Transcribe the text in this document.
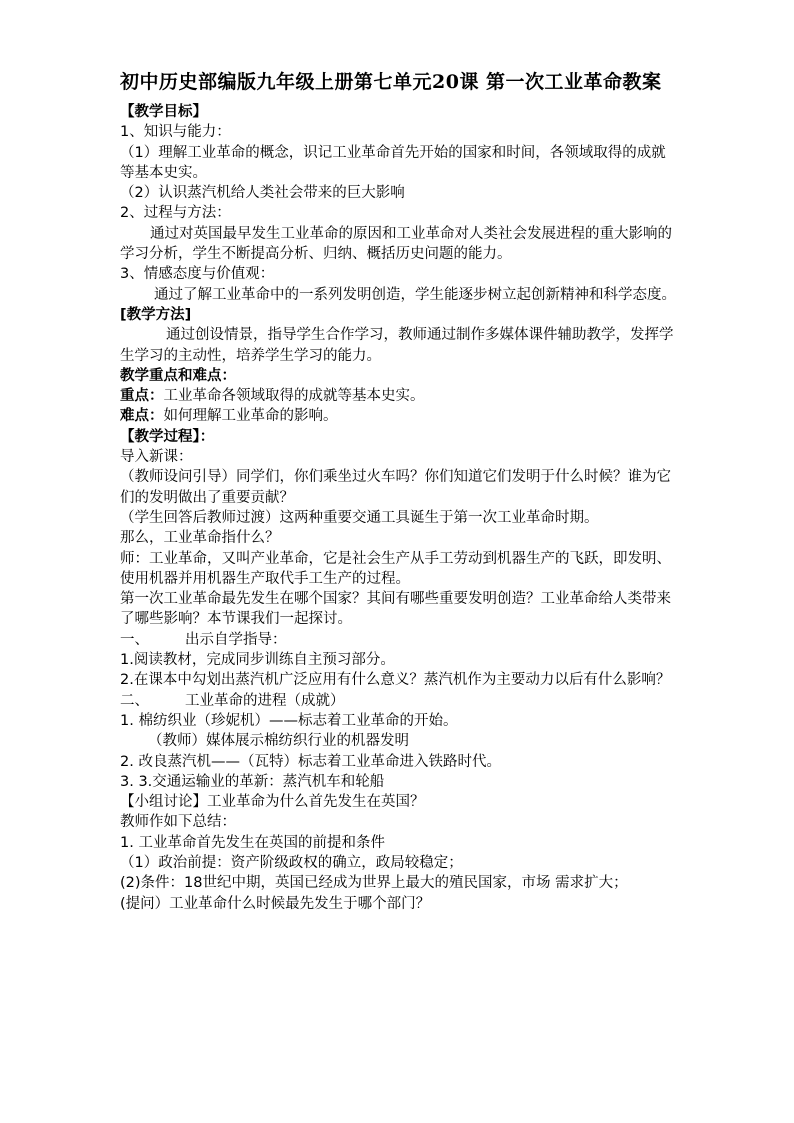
初中历史部编版九年级上册第七单元20课 第一次工业革命教案

【教学目标】

1、知识与能力：

（1）理解工业革命的概念，识记工业革命首先开始的国家和时间，各领域取得的成就等基本史实。

（2）认识蒸汽机给人类社会带来的巨大影响

2、过程与方法：

通过对英国最早发生工业革命的原因和工业革命对人类社会发展进程的重大影响的学习分析，学生不断提高分析、归纳、概括历史问题的能力。

3、情感态度与价值观：

通过了解工业革命中的一系列发明创造，学生能逐步树立起创新精神和科学态度。

[教学方法]

通过创设情景，指导学生合作学习，教师通过制作多媒体课件辅助教学，发挥学生学习的主动性，培养学生学习的能力。

教学重点和难点：

重点：工业革命各领域取得的成就等基本史实。

难点：如何理解工业革命的影响。

【教学过程】：

导入新课：

（教师设问引导）同学们，你们乘坐过火车吗？你们知道它们发明于什么时候？谁为它们的发明做出了重要贡献？

（学生回答后教师过渡）这两种重要交通工具诞生于第一次工业革命时期。

那么，工业革命指什么？

师：工业革命，又叫产业革命，它是社会生产从手工劳动到机器生产的飞跃，即发明、使用机器并用机器生产取代手工生产的过程。

第一次工业革命最先发生在哪个国家？其间有哪些重要发明创造？工业革命给人类带来了哪些影响？本节课我们一起探讨。

一、 出示自学指导：

1.阅读教材，完成同步训练自主预习部分。

2.在课本中勾划出蒸汽机广泛应用有什么意义？蒸汽机作为主要动力以后有什么影响？

二、 工业革命的进程（成就）

1. 棉纺织业（珍妮机）——标志着工业革命的开始。

（教师）媒体展示棉纺织行业的机器发明

2. 改良蒸汽机——（瓦特）标志着工业革命进入铁路时代。

3. 3.交通运输业的革新：蒸汽机车和轮船

【小组讨论】工业革命为什么首先发生在英国？

教师作如下总结：

1. 工业革命首先发生在英国的前提和条件

（1）政治前提：资产阶级政权的确立，政局较稳定；

(2)条件：18世纪中期，英国已经成为世界上最大的殖民国家，市场 需求扩大；

(提问）工业革命什么时候最先发生于哪个部门？
